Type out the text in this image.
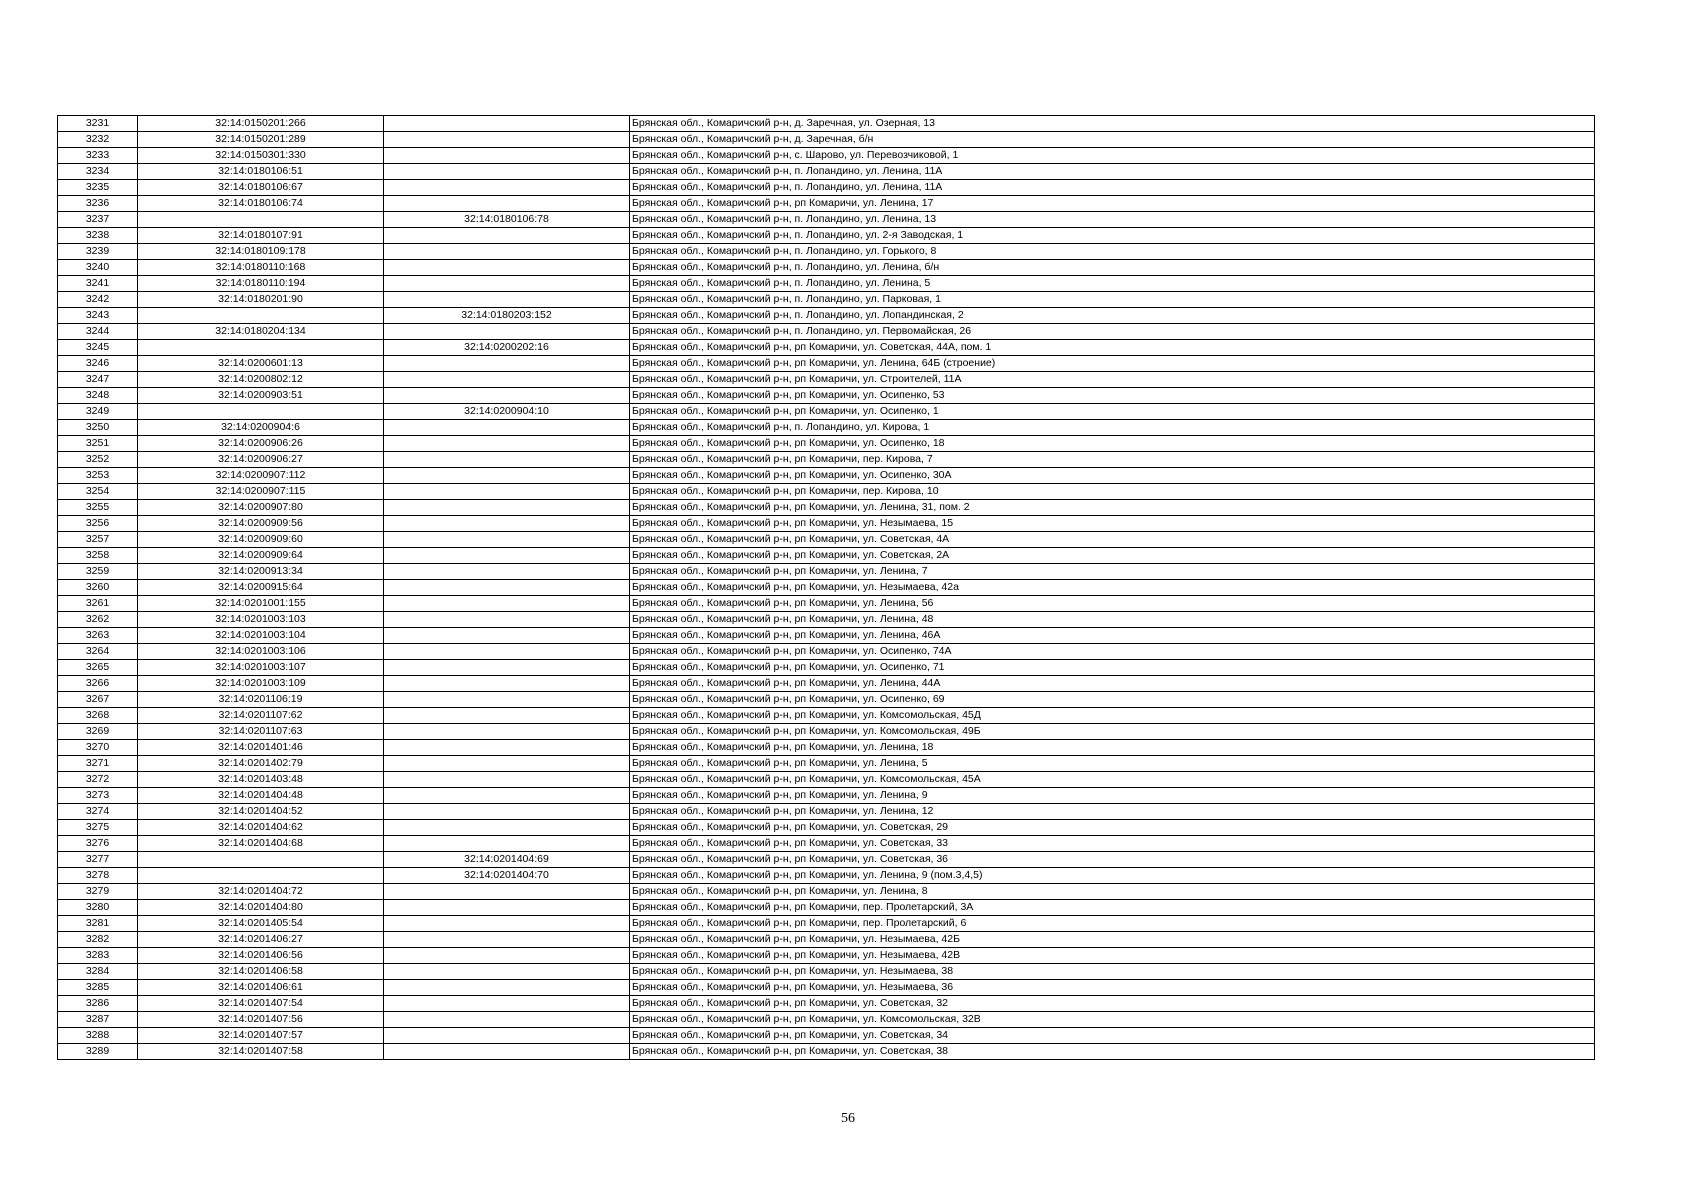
3231	32:14:0150201:266		Брянская обл., Комаричский р-н, д. Заречная, ул. Озерная, 13
3232	32:14:0150201:289		Брянская обл., Комаричский р-н, д. Заречная, б/н
3233	32:14:0150301:330		Брянская обл., Комаричский р-н, с. Шарово, ул. Перевозчиковой, 1
3234	32:14:0180106:51		Брянская обл., Комаричский р-н, п. Лопандино, ул. Ленина, 11А
3235	32:14:0180106:67		Брянская обл., Комаричский р-н, п. Лопандино, ул. Ленина, 11А
3236	32:14:0180106:74		Брянская обл., Комаричский р-н, рп Комаричи, ул. Ленина, 17
3237		32:14:0180106:78	Брянская обл., Комаричский р-н, п. Лопандино, ул. Ленина, 13
3238	32:14:0180107:91		Брянская обл., Комаричский р-н, п. Лопандино, ул. 2-я Заводская, 1
3239	32:14:0180109:178		Брянская обл., Комаричский р-н, п. Лопандино, ул. Горького, 8
3240	32:14:0180110:168		Брянская обл., Комаричский р-н, п. Лопандино, ул. Ленина, б/н
3241	32:14:0180110:194		Брянская обл., Комаричский р-н, п. Лопандино, ул. Ленина, 5
3242	32:14:0180201:90		Брянская обл., Комаричский р-н, п. Лопандино, ул. Парковая, 1
3243		32:14:0180203:152	Брянская обл., Комаричский р-н, п. Лопандино, ул. Лопандинская, 2
3244	32:14:0180204:134		Брянская обл., Комаричский р-н, п. Лопандино, ул. Первомайская, 26
3245		32:14:0200202:16	Брянская обл., Комаричский р-н, рп Комаричи, ул. Советская, 44А, пом. 1
3246	32:14:0200601:13		Брянская обл., Комаричский р-н, рп Комаричи, ул. Ленина, 64Б (строение)
3247	32:14:0200802:12		Брянская обл., Комаричский р-н, рп Комаричи, ул. Строителей, 11А
3248	32:14:0200903:51		Брянская обл., Комаричский р-н, рп Комаричи, ул. Осипенко, 53
3249		32:14:0200904:10	Брянская обл., Комаричский р-н, рп Комаричи, ул. Осипенко, 1
3250	32:14:0200904:6		Брянская обл., Комаричский р-н, п. Лопандино, ул. Кирова, 1
3251	32:14:0200906:26		Брянская обл., Комаричский р-н, рп Комаричи, ул. Осипенко, 18
3252	32:14:0200906:27		Брянская обл., Комаричский р-н, рп Комаричи, пер. Кирова, 7
3253	32:14:0200907:112		Брянская обл., Комаричский р-н, рп Комаричи, ул. Осипенко, 30А
3254	32:14:0200907:115		Брянская обл., Комаричский р-н, рп Комаричи, пер. Кирова, 10
3255	32:14:0200907:80		Брянская обл., Комаричский р-н, рп Комаричи, ул. Ленина, 31, пом. 2
3256	32:14:0200909:56		Брянская обл., Комаричский р-н, рп Комаричи, ул. Незымаева, 15
3257	32:14:0200909:60		Брянская обл., Комаричский р-н, рп Комаричи, ул. Советская, 4А
3258	32:14:0200909:64		Брянская обл., Комаричский р-н, рп Комаричи, ул. Советская, 2А
3259	32:14:0200913:34		Брянская обл., Комаричский р-н, рп Комаричи, ул. Ленина, 7
3260	32:14:0200915:64		Брянская обл., Комаричский р-н, рп Комаричи, ул. Незымаева, 42а
3261	32:14:0201001:155		Брянская обл., Комаричский р-н, рп Комаричи, ул. Ленина, 56
3262	32:14:0201003:103		Брянская обл., Комаричский р-н, рп Комаричи, ул. Ленина, 48
3263	32:14:0201003:104		Брянская обл., Комаричский р-н, рп Комаричи, ул. Ленина, 46А
3264	32:14:0201003:106		Брянская обл., Комаричский р-н, рп Комаричи, ул. Осипенко, 74А
3265	32:14:0201003:107		Брянская обл., Комаричский р-н, рп Комаричи, ул. Осипенко, 71
3266	32:14:0201003:109		Брянская обл., Комаричский р-н, рп Комаричи, ул. Ленина, 44А
3267	32:14:0201106:19		Брянская обл., Комаричский р-н, рп Комаричи, ул. Осипенко, 69
3268	32:14:0201107:62		Брянская обл., Комаричский р-н, рп Комаричи, ул. Комсомольская, 45Д
3269	32:14:0201107:63		Брянская обл., Комаричский р-н, рп Комаричи, ул. Комсомольская, 49Б
3270	32:14:0201401:46		Брянская обл., Комаричский р-н, рп Комаричи, ул. Ленина, 18
3271	32:14:0201402:79		Брянская обл., Комаричский р-н, рп Комаричи, ул. Ленина, 5
3272	32:14:0201403:48		Брянская обл., Комаричский р-н, рп Комаричи, ул. Комсомольская, 45А
3273	32:14:0201404:48		Брянская обл., Комаричский р-н, рп Комаричи, ул. Ленина, 9
3274	32:14:0201404:52		Брянская обл., Комаричский р-н, рп Комаричи, ул. Ленина, 12
3275	32:14:0201404:62		Брянская обл., Комаричский р-н, рп Комаричи, ул. Советская, 29
3276	32:14:0201404:68		Брянская обл., Комаричский р-н, рп Комаричи, ул. Советская, 33
3277		32:14:0201404:69	Брянская обл., Комаричский р-н, рп Комаричи, ул. Советская, 36
3278		32:14:0201404:70	Брянская обл., Комаричский р-н, рп Комаричи, ул. Ленина, 9 (пом.3,4,5)
3279	32:14:0201404:72		Брянская обл., Комаричский р-н, рп Комаричи, ул. Ленина, 8
3280	32:14:0201404:80		Брянская обл., Комаричский р-н, рп Комаричи, пер. Пролетарский, 3А
3281	32:14:0201405:54		Брянская обл., Комаричский р-н, рп Комаричи, пер. Пролетарский, 6
3282	32:14:0201406:27		Брянская обл., Комаричский р-н, рп Комаричи, ул. Незымаева, 42Б
3283	32:14:0201406:56		Брянская обл., Комаричский р-н, рп Комаричи, ул. Незымаева, 42В
3284	32:14:0201406:58		Брянская обл., Комаричский р-н, рп Комаричи, ул. Незымаева, 38
3285	32:14:0201406:61		Брянская обл., Комаричский р-н, рп Комаричи, ул. Незымаева, 36
3286	32:14:0201407:54		Брянская обл., Комаричский р-н, рп Комаричи, ул. Советская, 32
3287	32:14:0201407:56		Брянская обл., Комаричский р-н, рп Комаричи, ул. Комсомольская, 32В
3288	32:14:0201407:57		Брянская обл., Комаричский р-н, рп Комаричи, ул. Советская, 34
3289	32:14:0201407:58		Брянская обл., Комаричский р-н, рп Комаричи, ул. Советская, 38
56
